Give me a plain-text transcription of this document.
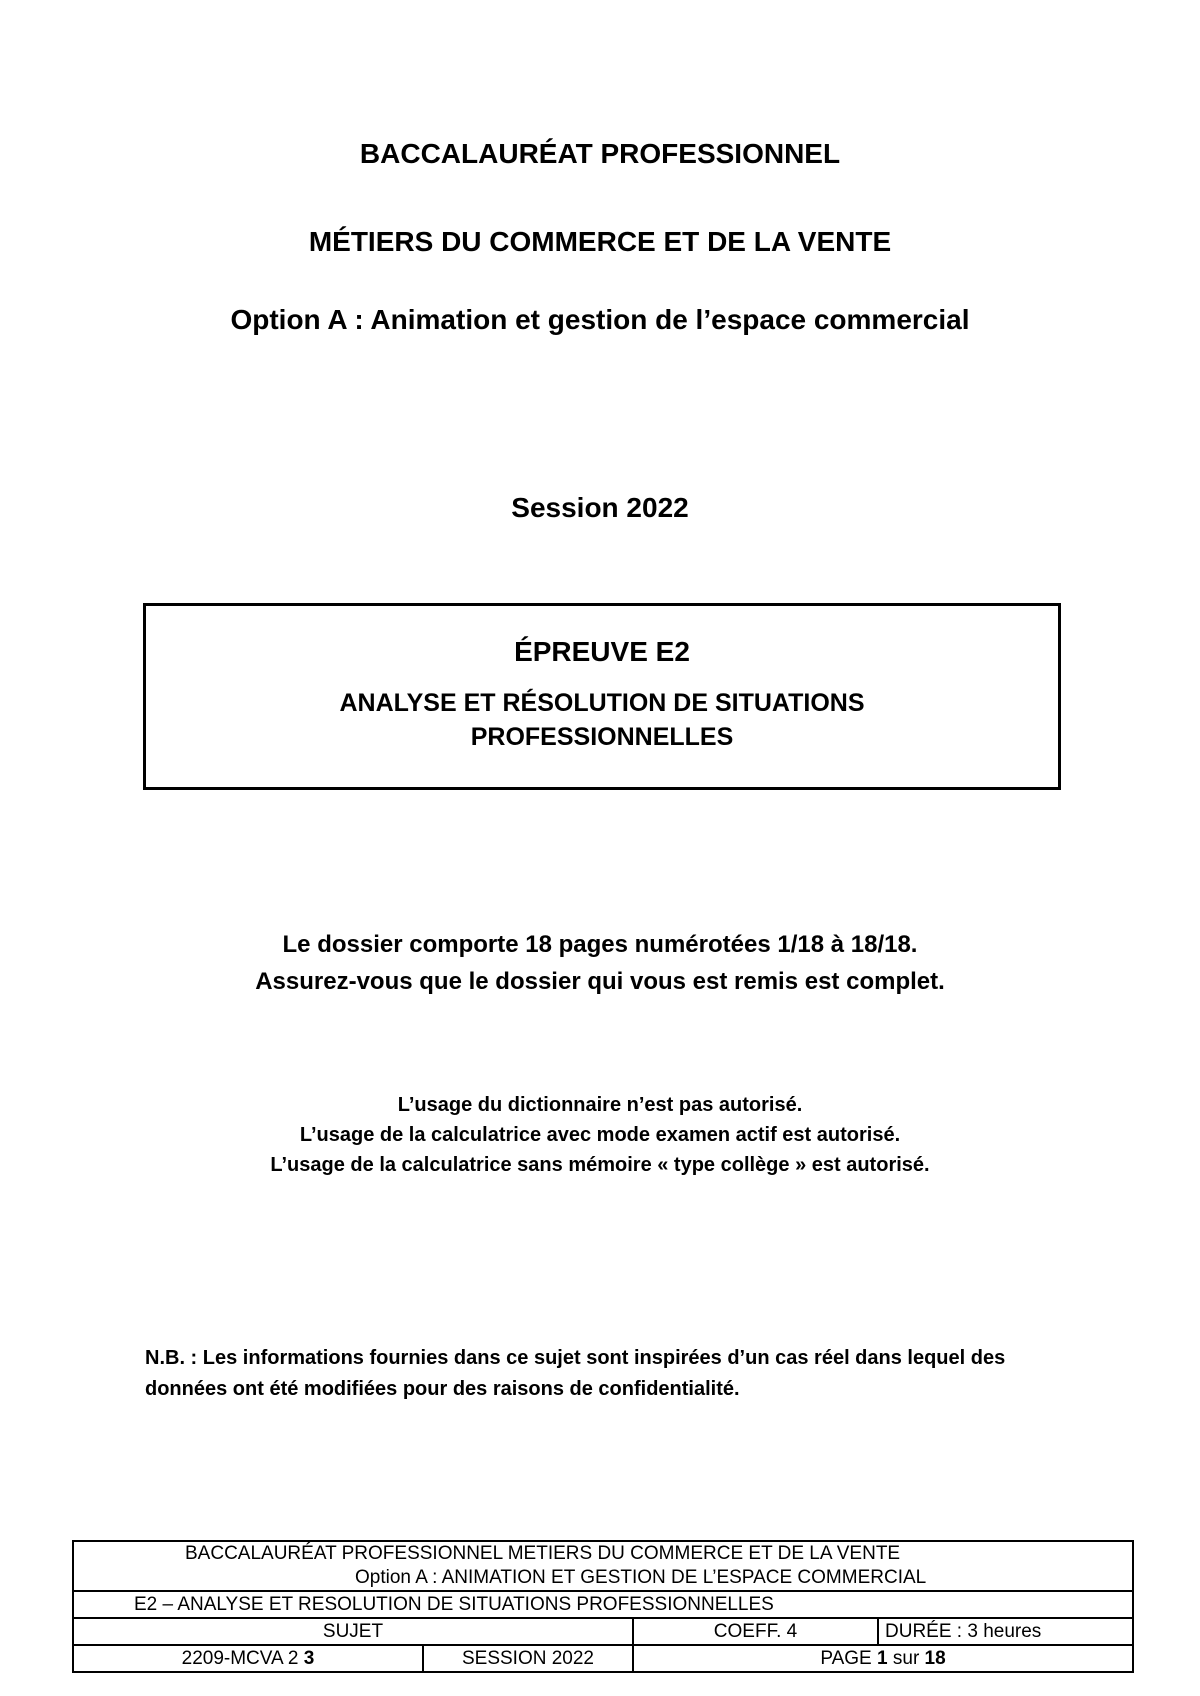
BACCALAURÉAT PROFESSIONNEL
MÉTIERS DU COMMERCE ET DE LA VENTE
Option A : Animation et gestion de l’espace commercial
Session 2022
ÉPREUVE E2
ANALYSE ET RÉSOLUTION DE SITUATIONS
PROFESSIONNELLES
Le dossier comporte 18 pages numérotées 1/18 à 18/18.
Assurez-vous que le dossier qui vous est remis est complet.
L’usage du dictionnaire n’est pas autorisé.
L’usage de la calculatrice avec mode examen actif est autorisé.
L’usage de la calculatrice sans mémoire « type collège » est autorisé.
N.B. : Les informations fournies dans ce sujet sont inspirées d’un cas réel dans lequel des données ont été modifiées pour des raisons de confidentialité.
BACCALAURÉAT PROFESSIONNEL METIERS DU COMMERCE ET DE LA VENTE
Option A : ANIMATION ET GESTION DE L’ESPACE COMMERCIAL			

E2 – ANALYSE ET RESOLUTION DE SITUATIONS PROFESSIONNELLES			
SUJET		COEFF. 4	DURÉE : 3 heures
2209-MCVA 2 3	SESSION 2022	PAGE 1 sur 18	
